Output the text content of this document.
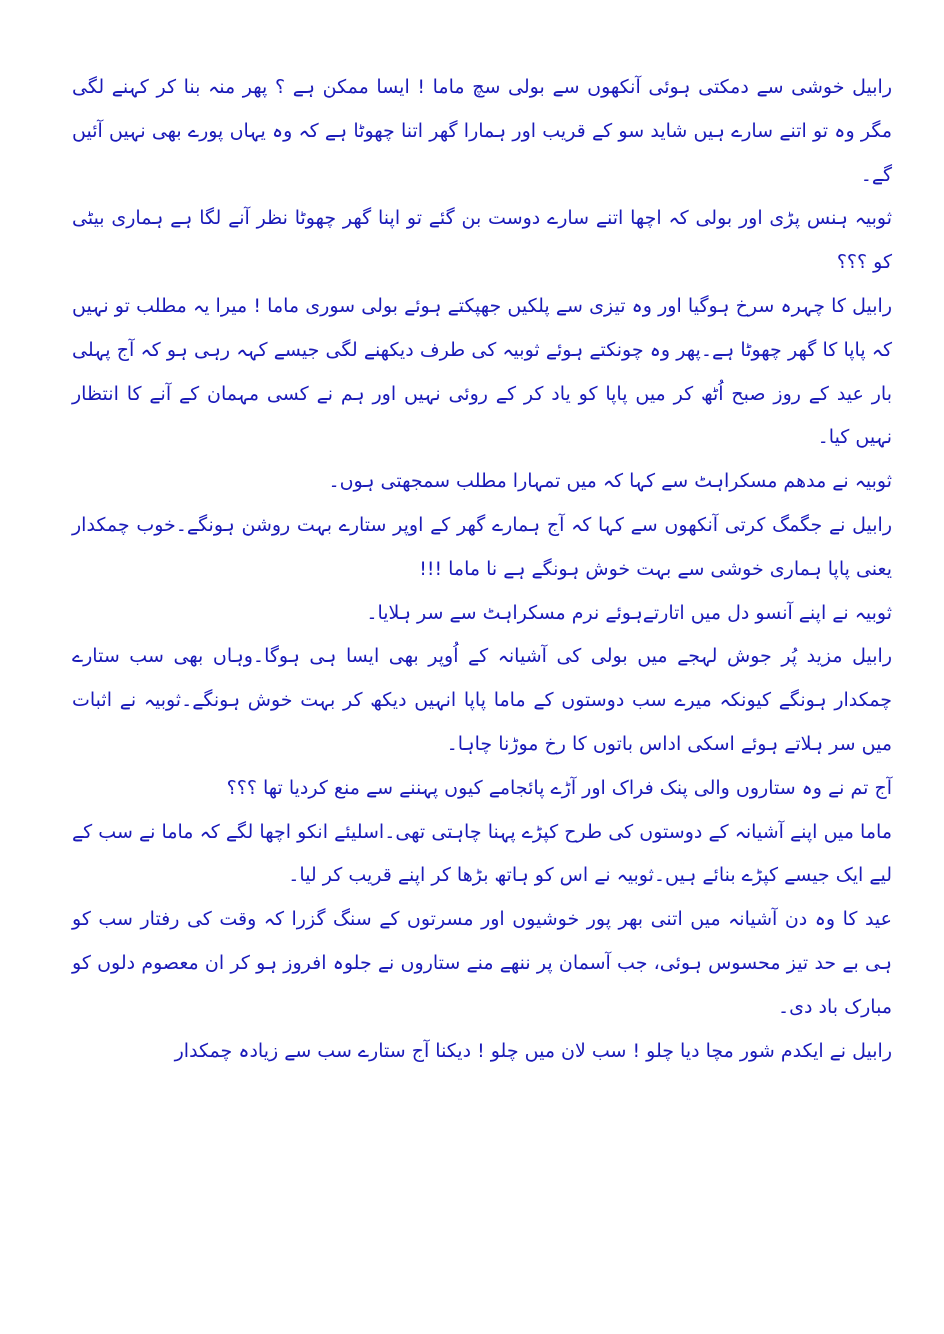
رابیل خوشی سے دمکتی ہوئی آنکھوں سے بولی سچ ماما ! ایسا ممکن ہے ؟ پھر منہ بنا کر کہنے لگی مگر وہ تو اتنے سارے ہیں شاید سو کے قریب اور ہمارا گھر اتنا چھوٹا ہے کہ وہ یہاں پورے بھی نہیں آئیں گے۔

ثوبیہ ہنس پڑی اور بولی کہ اچھا اتنے سارے دوست بن گئے تو اپنا گھر چھوٹا نظر آنے لگا ہے ہماری بیٹی کو ؟؟؟

رابیل کا چہرہ سرخ ہوگیا اور وہ تیزی سے پلکیں جھپکتے ہوئے بولی سوری ماما ! میرا یہ مطلب تو نہیں کہ پاپا کا گھر چھوٹا ہے۔پھر وہ چونکتے ہوئے ثوبیہ کی طرف دیکھنے لگی جیسے کہہ رہی ہو کہ آج پہلی بار عید کے روز صبح اُٹھ کر میں پاپا کو یاد کر کے روئی نہیں اور ہم نے کسی مہمان کے آنے کا انتظار نہیں کیا۔

ثوبیہ نے مدھم مسکراہٹ سے کہا کہ میں تمہارا مطلب سمجھتی ہوں۔

رابیل نے جگمگ کرتی آنکھوں سے کہا کہ آج ہمارے گھر کے اوپر ستارے بہت روشن ہونگے۔خوب چمکدار یعنی پاپا ہماری خوشی سے بہت خوش ہونگے ہے نا ماما !!!

ثوبیہ نے اپنے آنسو دل میں اتارتےہوئے نرم مسکراہٹ سے سر ہلایا۔

رابیل مزید پُر جوش لہجے میں بولی کی آشیانہ کے اُوپر بھی ایسا ہی ہوگا۔وہاں بھی سب ستارے چمکدار ہونگے کیونکہ میرے سب دوستوں کے ماما پاپا انہیں دیکھ کر بہت خوش ہونگے۔ثوبیہ نے اثبات میں سر ہلاتے ہوئے اسکی اداس باتوں کا رخ موڑنا چاہا۔

آج تم نے وہ ستاروں والی پنک فراک اور آڑے پائجامے کیوں پہننے سے منع کردیا تھا ؟؟؟

ماما میں اپنے آشیانہ کے دوستوں کی طرح کپڑے پہنا چاہتی تھی۔اسلیئے انکو اچھا لگے کہ ماما نے سب کے لیے ایک جیسے کپڑے بنائے ہیں۔ثوبیہ نے اس کو ہاتھ بڑھا کر اپنے قریب کر لیا۔

عید کا وہ دن آشیانہ میں اتنی بھر پور خوشیوں اور مسرتوں کے سنگ گزرا کہ وقت کی رفتار سب کو ہی بے حد تیز محسوس ہوئی، جب آسمان پر ننھے منے ستاروں نے جلوہ افروز ہو کر ان معصوم دلوں کو مبارک باد دی۔

رابیل نے ایکدم شور مچا دیا چلو ! سب لان میں چلو ! دیکنا آج ستارے سب سے زیادہ چمکدار
